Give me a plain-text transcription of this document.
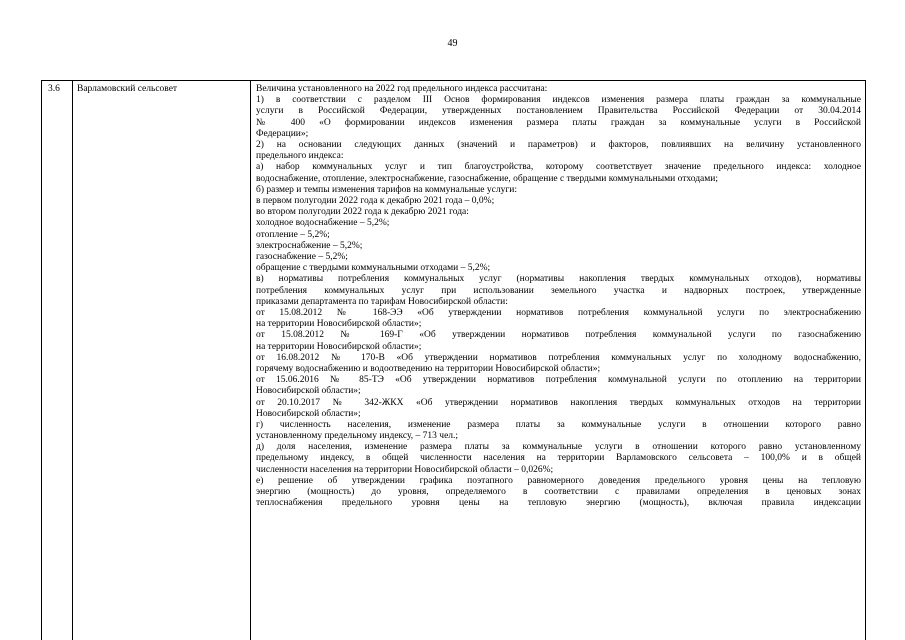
49
3.6	Варламовский сельсовет	Величина установленного на 2022 год предельного индекса рассчитана:
1) в соответствии с разделом III Основ формирования индексов изменения размера платы граждан за коммунальные
услуги в Российской Федерации, утвержденных постановлением Правительства Российской Федерации от 30.04.2014
№ 400 «О формировании индексов изменения размера платы граждан за коммунальные услуги в Российской
Федерации»;
2) на основании следующих данных (значений и параметров) и факторов, повлиявших на величину установленного
предельного индекса:
а) набор коммунальных услуг и тип благоустройства, которому соответствует значение предельного индекса: холодное
водоснабжение, отопление, электроснабжение, газоснабжение, обращение с твердыми коммунальными отходами;
б) размер и темпы изменения тарифов на коммунальные услуги:
в первом полугодии 2022 года к декабрю 2021 года – 0,0%;
во втором полугодии 2022 года к декабрю 2021 года:
холодное водоснабжение – 5,2%;
отопление – 5,2%;
электроснабжение – 5,2%;
газоснабжение – 5,2%;
обращение с твердыми коммунальными отходами – 5,2%;
в) нормативы потребления коммунальных услуг (нормативы накопления твердых коммунальных отходов), нормативы
потребления коммунальных услуг при использовании земельного участка и надворных построек, утвержденные
приказами департамента по тарифам Новосибирской области:
от 15.08.2012 № 168-ЭЭ «Об утверждении нормативов потребления коммунальной услуги по электроснабжению
на территории Новосибирской области»;
от 15.08.2012 № 169-Г «Об утверждении нормативов потребления коммунальной услуги по газоснабжению
на территории Новосибирской области»;
от 16.08.2012 № 170-В «Об утверждении нормативов потребления коммунальных услуг по холодному водоснабжению,
горячему водоснабжению и водоотведению на территории Новосибирской области»;
от 15.06.2016 № 85-ТЭ «Об утверждении нормативов потребления коммунальной услуги по отоплению на территории
Новосибирской области»;
от 20.10.2017 № 342-ЖКХ «Об утверждении нормативов накопления твердых коммунальных отходов на территории
Новосибирской области»;
г) численность населения, изменение размера платы за коммунальные услуги в отношении которого равно
установленному предельному индексу, – 713 чел.;
д) доля населения, изменение размера платы за коммунальные услуги в отношении которого равно установленному
предельному индексу, в общей численности населения на территории Варламовского сельсовета – 100,0% и в общей
численности населения на территории Новосибирской области – 0,026%;
е) решение об утверждении графика поэтапного равномерного доведения предельного уровня цены на тепловую
энергию (мощность) до уровня, определяемого в соответствии с правилами определения в ценовых зонах
теплоснабжения предельного уровня цены на тепловую энергию (мощность), включая правила индексации
